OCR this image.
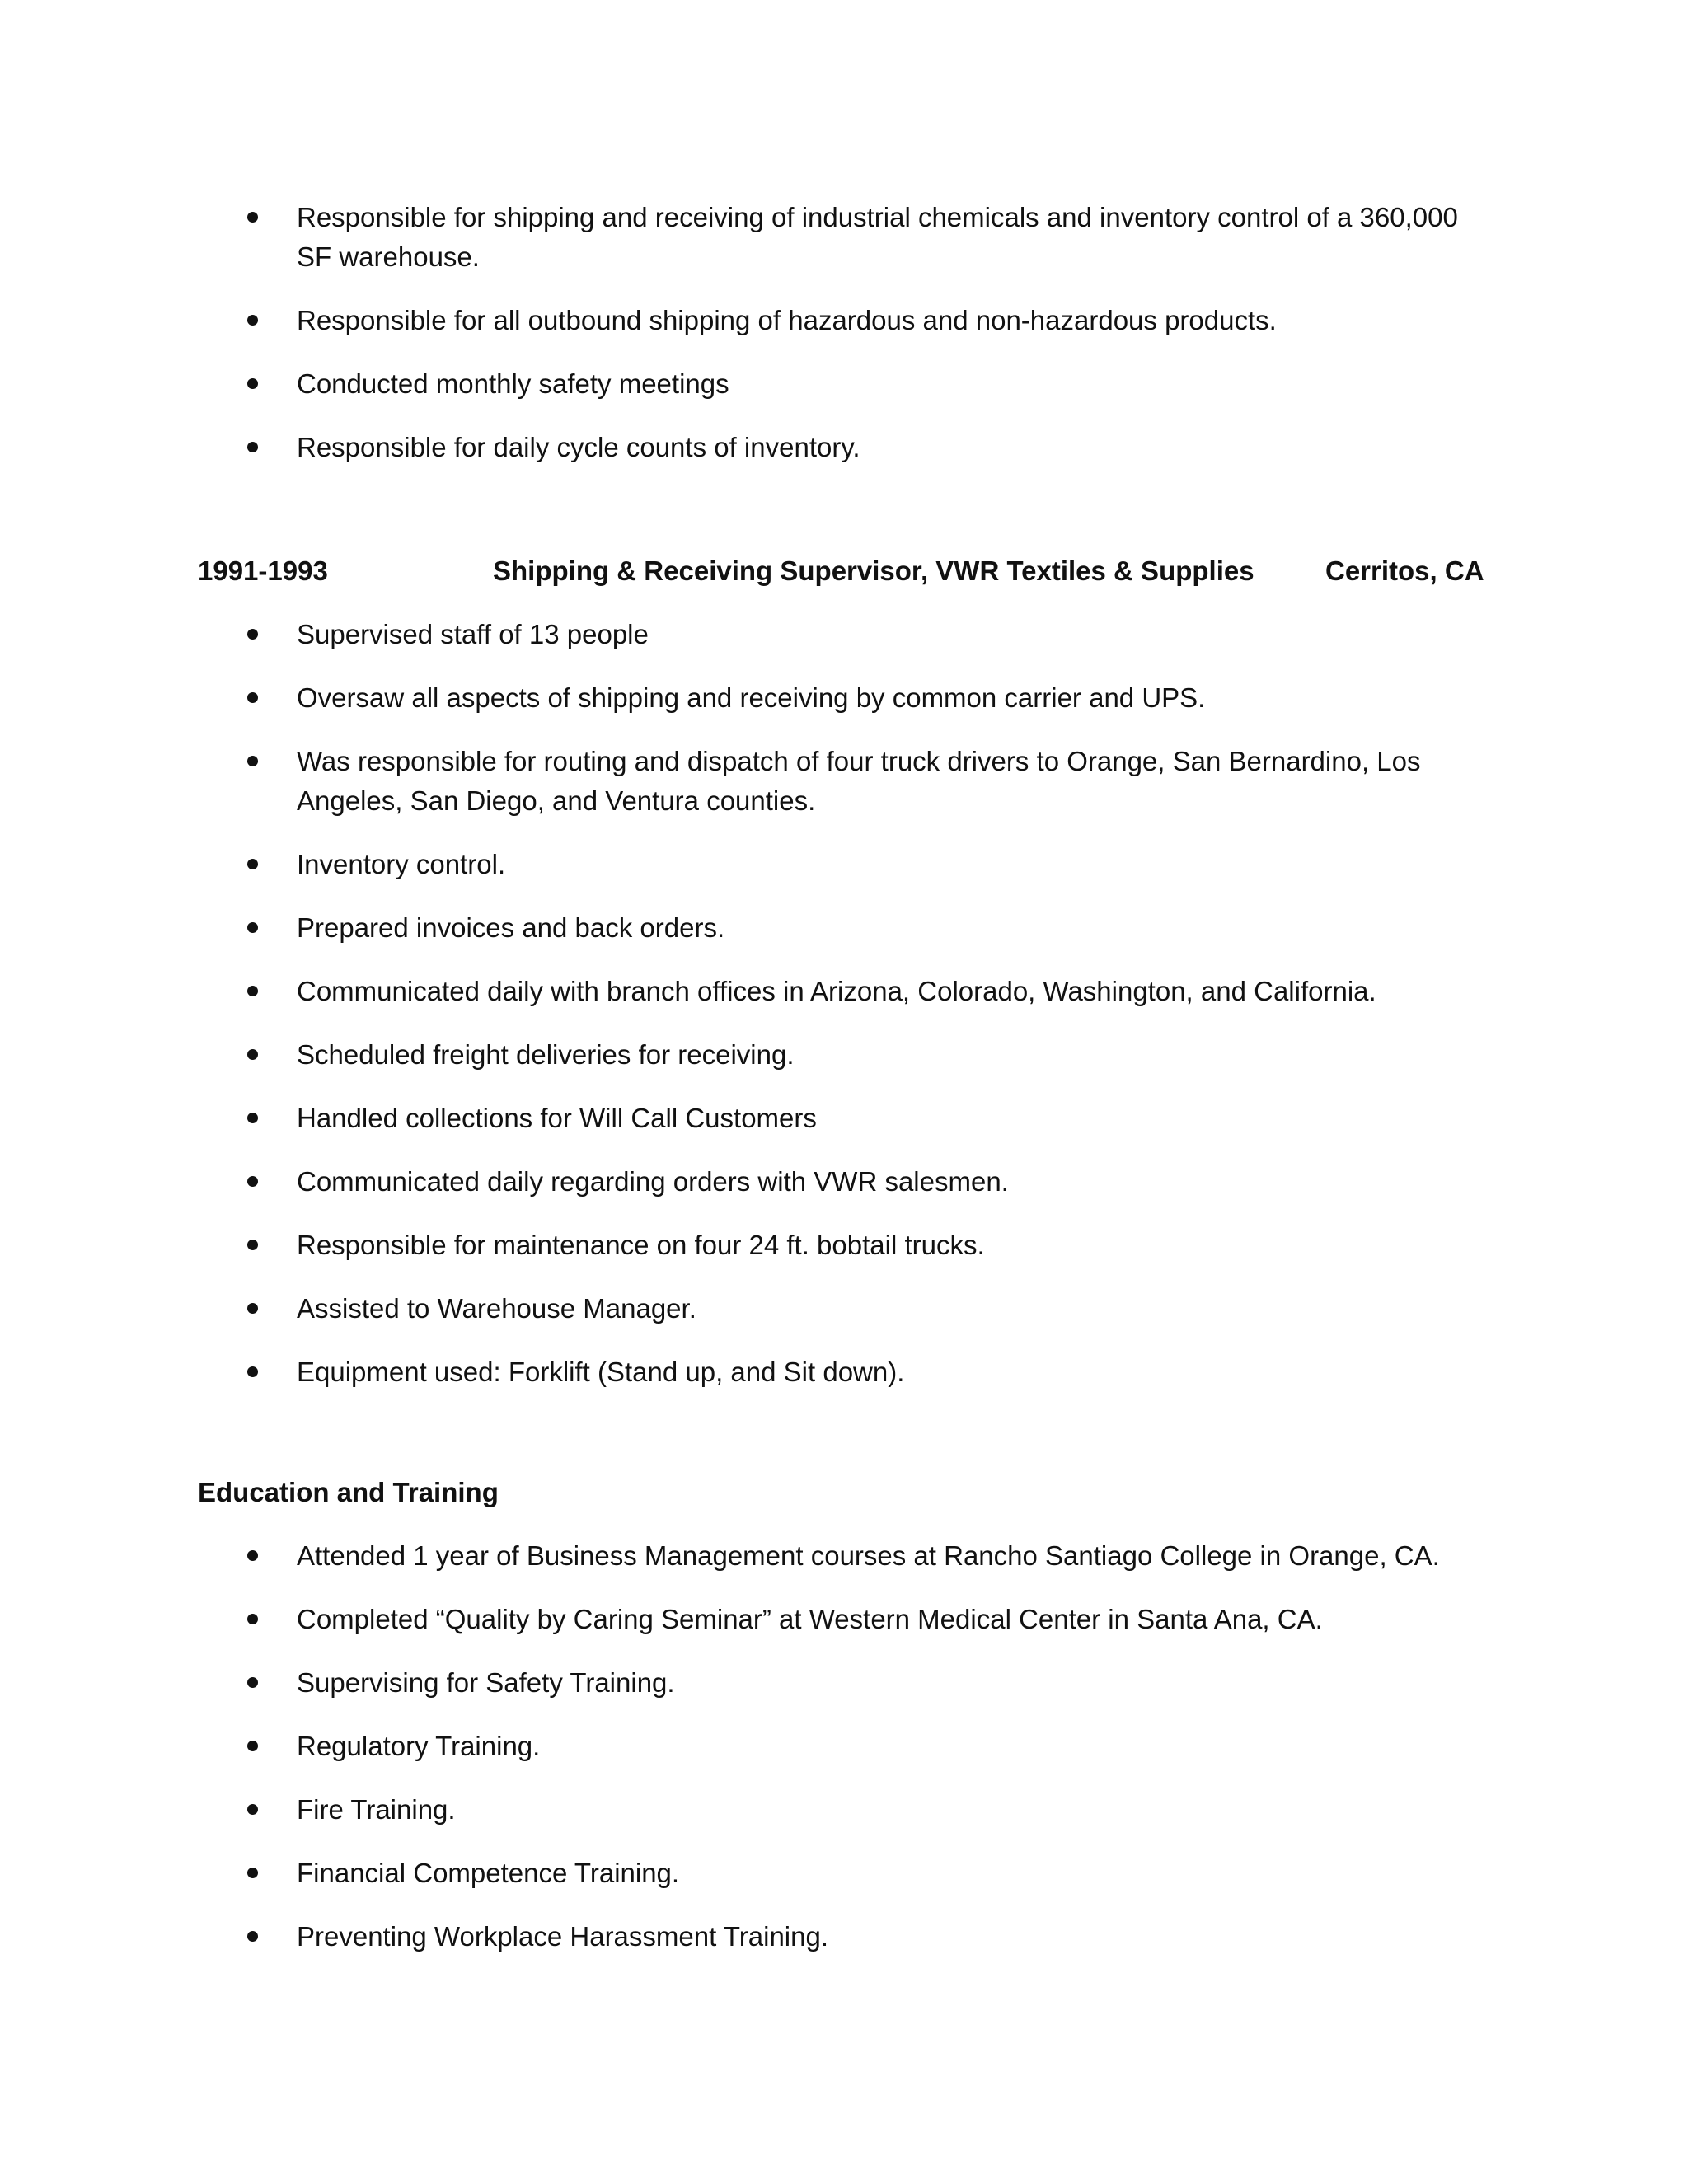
Responsible for shipping and receiving of industrial chemicals and inventory control of a 360,000 SF warehouse.
Responsible for all outbound shipping of hazardous and non-hazardous products.
Conducted monthly safety meetings
Responsible for daily cycle counts of inventory.
1991-1993	Shipping & Receiving Supervisor, VWR Textiles & Supplies	Cerritos, CA
Supervised staff of 13 people
Oversaw all aspects of shipping and receiving by common carrier and UPS.
Was responsible for routing and dispatch of four truck drivers to Orange, San Bernardino, Los Angeles, San Diego, and Ventura counties.
Inventory control.
Prepared invoices and back orders.
Communicated daily with branch offices in Arizona, Colorado, Washington, and California.
Scheduled freight deliveries for receiving.
Handled collections for Will Call Customers
Communicated daily regarding orders with VWR salesmen.
Responsible for maintenance on four 24 ft. bobtail trucks.
Assisted to Warehouse Manager.
Equipment used: Forklift (Stand up, and Sit down).
Education and Training
Attended 1 year of Business Management courses at Rancho Santiago College in Orange, CA.
Completed “Quality by Caring Seminar” at Western Medical Center in Santa Ana, CA.
Supervising for Safety Training.
Regulatory Training.
Fire Training.
Financial Competence Training.
Preventing Workplace Harassment Training.
